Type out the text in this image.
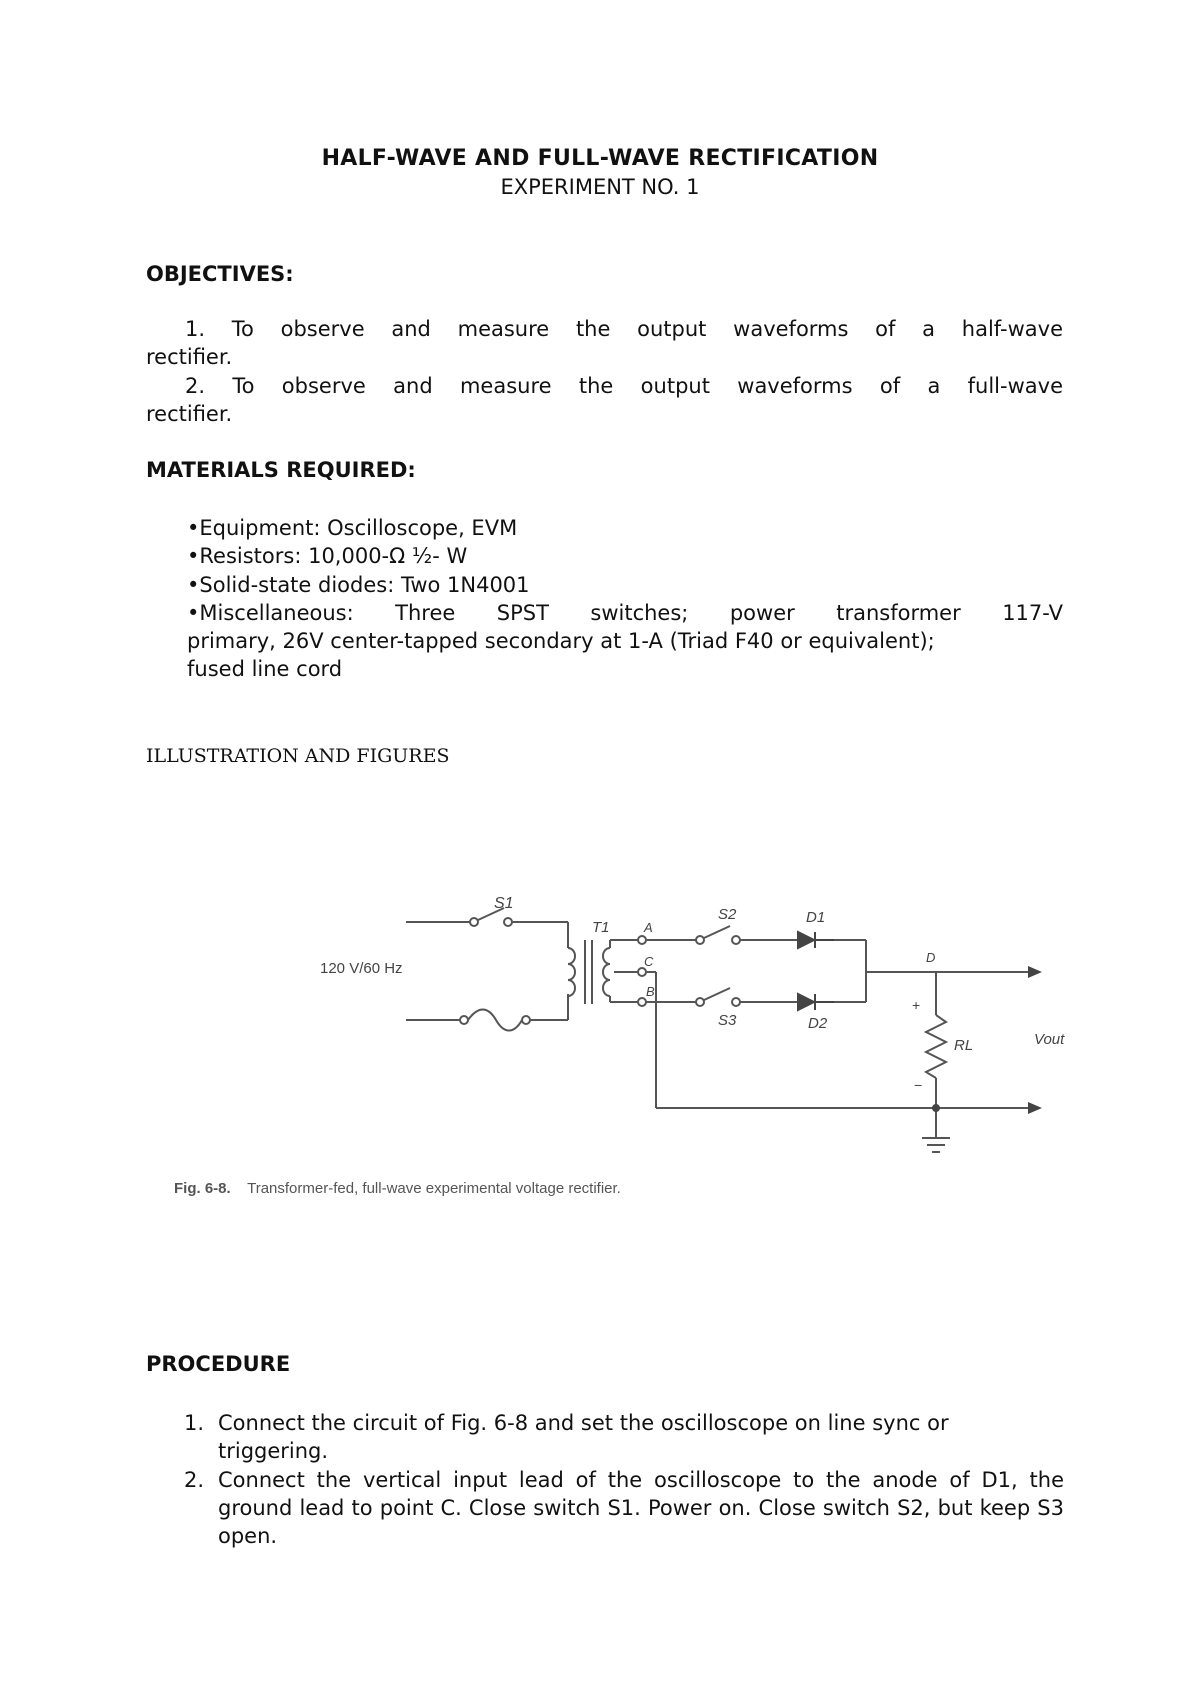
HALF-WAVE AND FULL-WAVE RECTIFICATION
EXPERIMENT NO. 1
OBJECTIVES:
1. To observe and measure the output waveforms of a half-wave
rectifier.
2. To observe and measure the output waveforms of a full-wave
rectifier.
MATERIALS REQUIRED:
•Equipment: Oscilloscope, EVM
•Resistors: 10,000-Ω ½- W
•Solid-state diodes: Two 1N4001
•Miscellaneous: Three SPST switches; power transformer 117-V
primary, 26V center-tapped secondary at 1-A (Triad F40 or equivalent);
fused line cord
ILLUSTRATION AND FIGURES
S1
T1
120 V/60 Hz
A
C
B
S2
S3
D1
D2
D
RL	Vout
+
−
Fig. 6-8. Transformer-fed, full-wave experimental voltage rectifier.
PROCEDURE
1. Connect the circuit of Fig. 6-8 and set the oscilloscope on line sync or triggering.
2. Connect the vertical input lead of the oscilloscope to the anode of D1, the ground lead to point C. Close switch S1. Power on. Close switch S2, but keep S3 open.
